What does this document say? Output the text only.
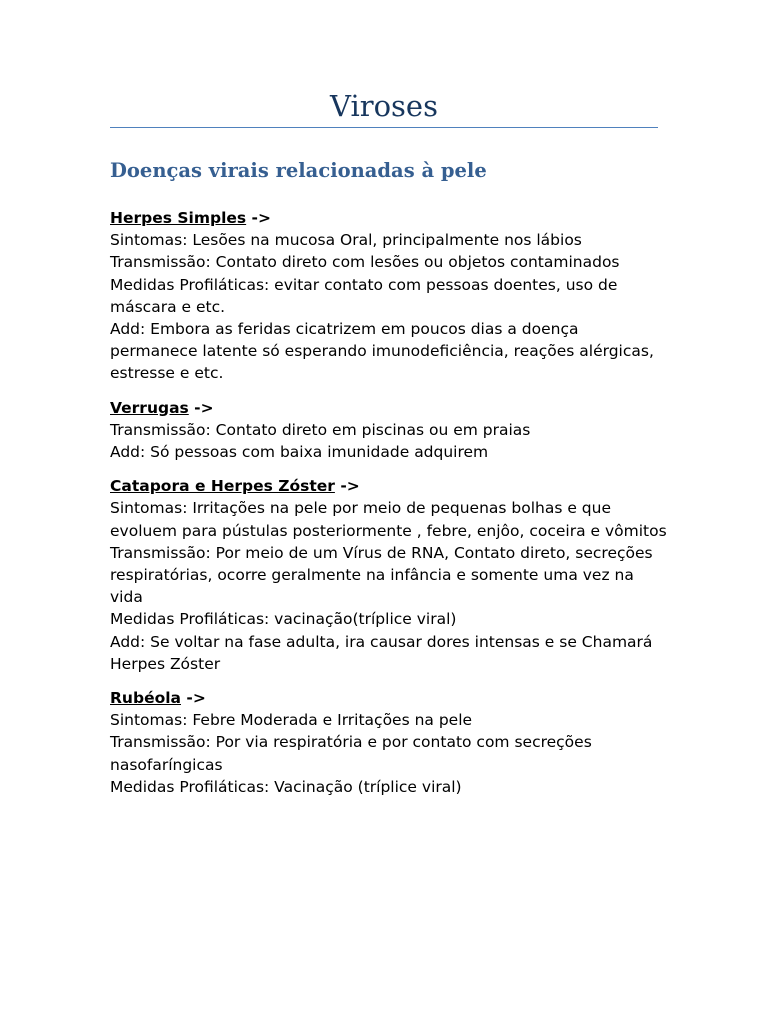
Viroses
Doenças virais relacionadas à pele
Herpes Simples ->
Sintomas: Lesões na mucosa Oral, principalmente nos lábios
Transmissão: Contato direto com lesões ou objetos contaminados
Medidas Profiláticas: evitar contato com pessoas doentes, uso de máscara e etc.
Add: Embora as feridas cicatrizem em poucos dias a doença permanece latente só esperando imunodeficiência, reações alérgicas, estresse e etc.
Verrugas ->
Transmissão: Contato direto em piscinas ou em praias
Add: Só pessoas com baixa imunidade adquirem
Catapora e Herpes Zóster ->
Sintomas: Irritações na pele por meio de pequenas bolhas e que evoluem para pústulas posteriormente , febre, enjôo, coceira e vômitos
Transmissão: Por meio de um Vírus de RNA, Contato direto, secreções respiratórias, ocorre geralmente na infância e somente uma vez na vida
Medidas Profiláticas: vacinação(tríplice viral)
Add: Se voltar na fase adulta, ira causar dores intensas e se Chamará Herpes Zóster
Rubéola ->
Sintomas: Febre Moderada e Irritações na pele
Transmissão: Por via respiratória e por contato com secreções nasofaríngicas
Medidas Profiláticas: Vacinação (tríplice viral)
